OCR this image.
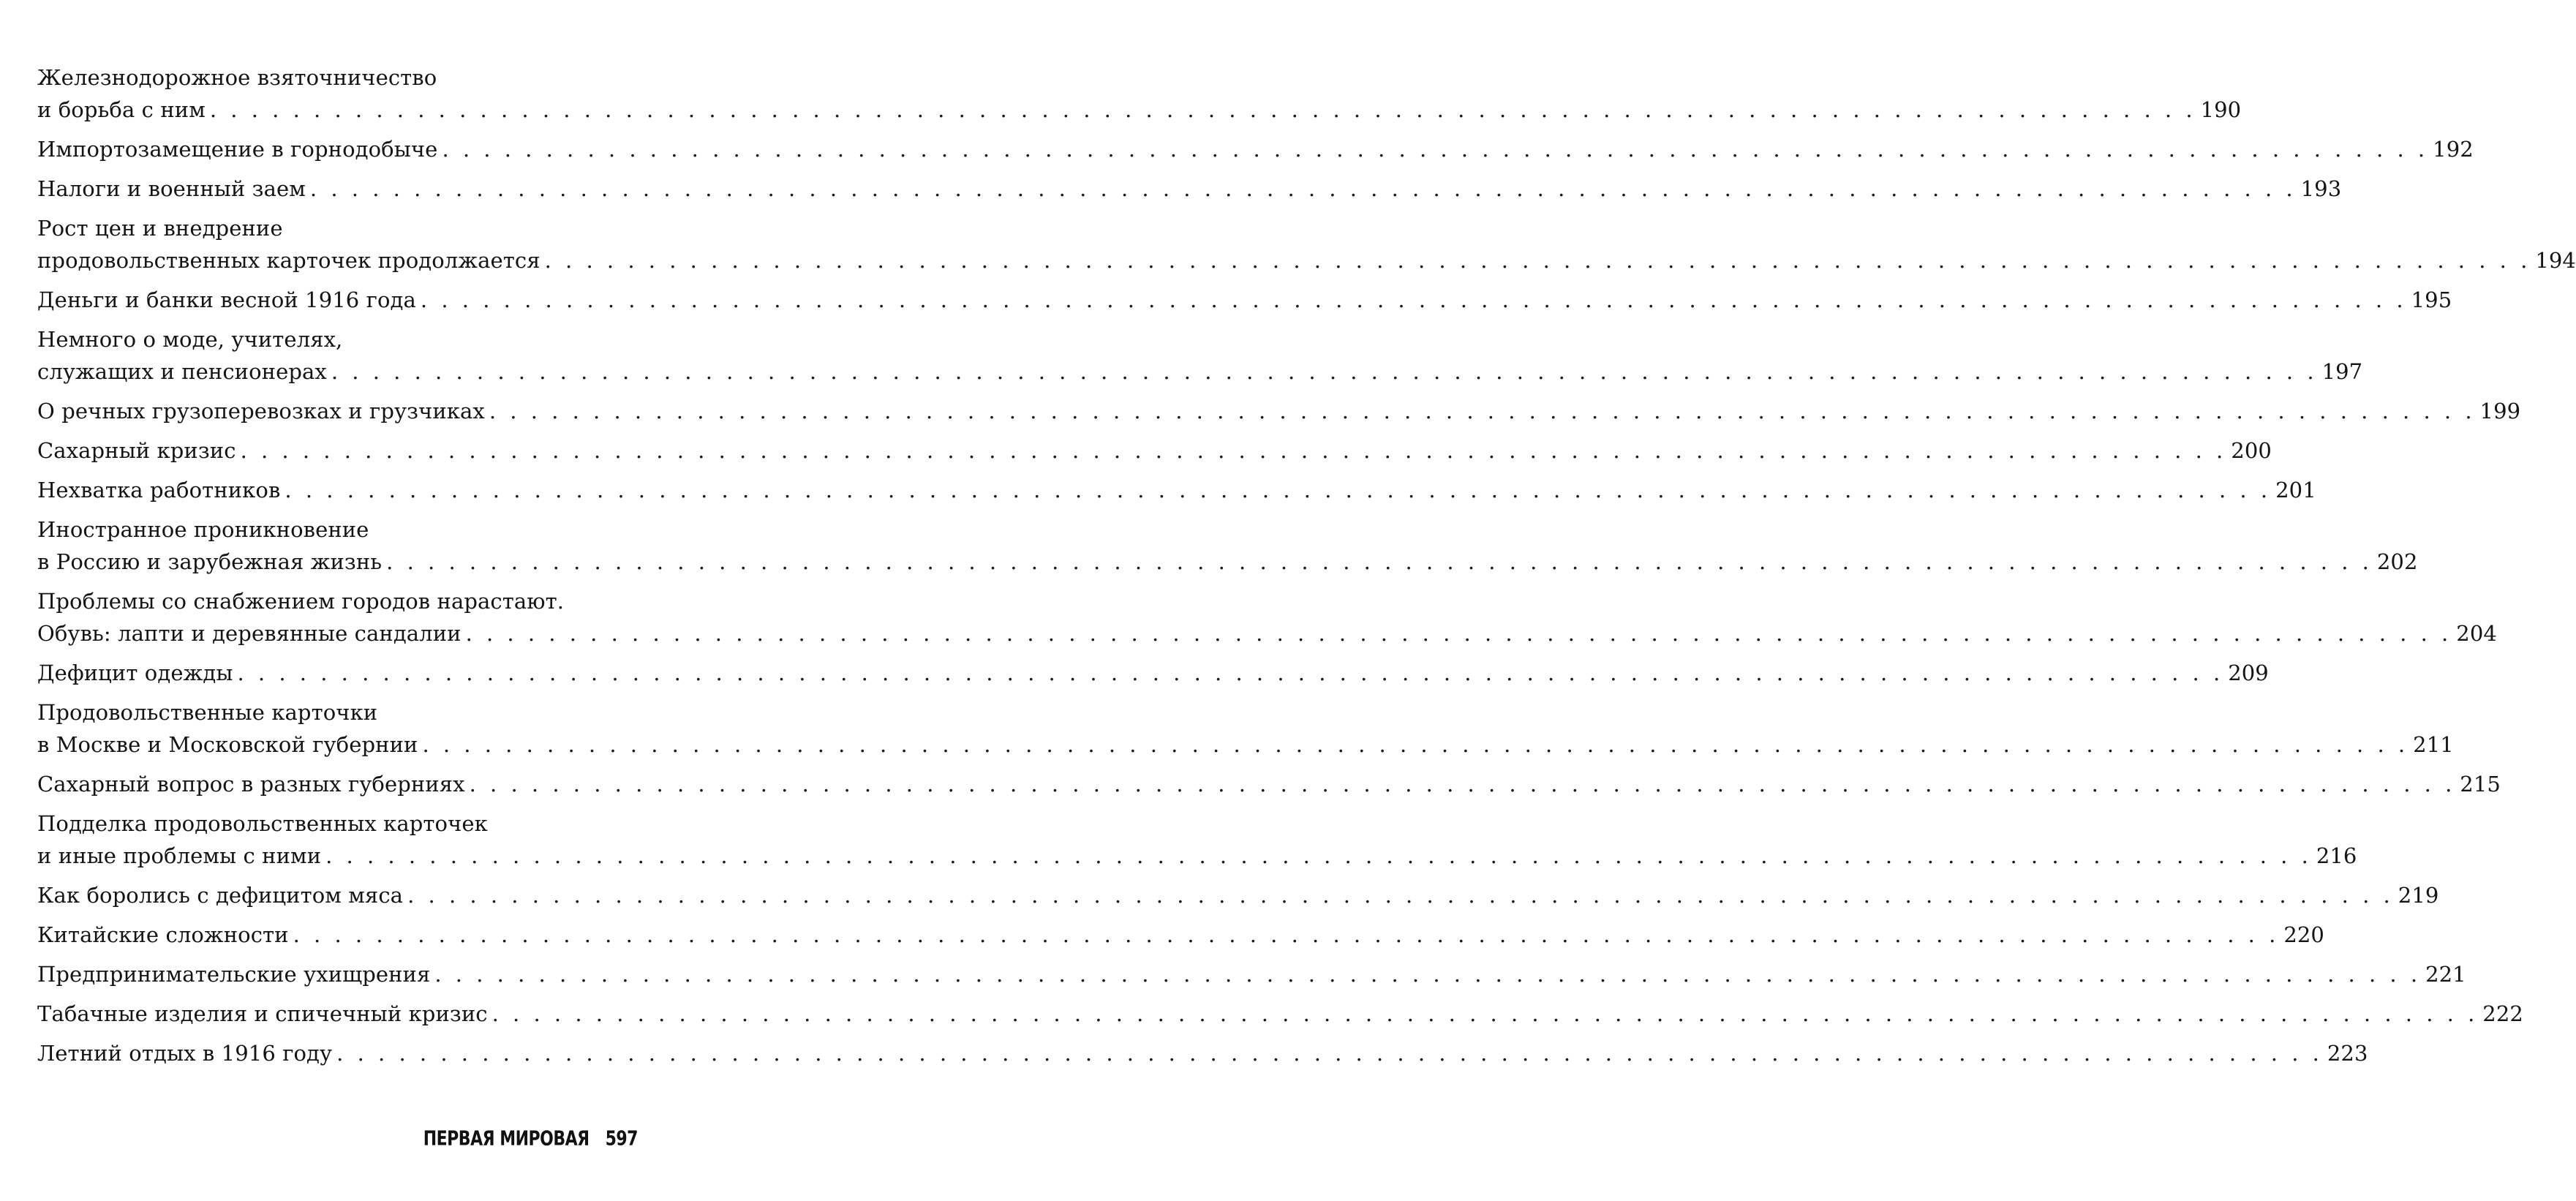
Железнодорожное взяточничество
и борьба с ним . . . . . . . . . . . . . . . . . . . . . . . . . . . . . . . . . . . . . . . . . . . . . . . . . . . . . . . . . . . . . . . . . . . . . . . . . . . . . . . . . . . . . . . . . . . . . . . . 190
Импортозамещение в горнодобыче . . . . . . . . . . . . . . . . . . . . . . . . . . . . . . . . . . . . . . . . . . . . . . . . . . . . . . . . . . . . . . . . . . . . . . . . . . . . . . . . . . . . . . . . . . . . . . . . 192
Налоги и военный заем . . . . . . . . . . . . . . . . . . . . . . . . . . . . . . . . . . . . . . . . . . . . . . . . . . . . . . . . . . . . . . . . . . . . . . . . . . . . . . . . . . . . . . . . . . . . . . . . 193
Рост цен и внедрение
продовольственных карточек продолжается . . . . . . . . . . . . . . . . . . . . . . . . . . . . . . . . . . . . . . . . . . . . . . . . . . . . . . . . . . . . . . . . . . . . . . . . . . . . . . . . . . . . . . . . . . . . . . . . 194
Деньги и банки весной 1916 года . . . . . . . . . . . . . . . . . . . . . . . . . . . . . . . . . . . . . . . . . . . . . . . . . . . . . . . . . . . . . . . . . . . . . . . . . . . . . . . . . . . . . . . . . . . . . . . . 195
Немного о моде, учителях,
служащих и пенсионерах . . . . . . . . . . . . . . . . . . . . . . . . . . . . . . . . . . . . . . . . . . . . . . . . . . . . . . . . . . . . . . . . . . . . . . . . . . . . . . . . . . . . . . . . . . . . . . . . 197
О речных грузоперевозках и грузчиках . . . . . . . . . . . . . . . . . . . . . . . . . . . . . . . . . . . . . . . . . . . . . . . . . . . . . . . . . . . . . . . . . . . . . . . . . . . . . . . . . . . . . . . . . . . . . . . . 199
Сахарный кризис . . . . . . . . . . . . . . . . . . . . . . . . . . . . . . . . . . . . . . . . . . . . . . . . . . . . . . . . . . . . . . . . . . . . . . . . . . . . . . . . . . . . . . . . . . . . . . . . 200
Нехватка работников . . . . . . . . . . . . . . . . . . . . . . . . . . . . . . . . . . . . . . . . . . . . . . . . . . . . . . . . . . . . . . . . . . . . . . . . . . . . . . . . . . . . . . . . . . . . . . . . 201
Иностранное проникновение
в Россию и зарубежная жизнь . . . . . . . . . . . . . . . . . . . . . . . . . . . . . . . . . . . . . . . . . . . . . . . . . . . . . . . . . . . . . . . . . . . . . . . . . . . . . . . . . . . . . . . . . . . . . . . . 202
Проблемы со снабжением городов нарастают.
Обувь: лапти и деревянные сандалии . . . . . . . . . . . . . . . . . . . . . . . . . . . . . . . . . . . . . . . . . . . . . . . . . . . . . . . . . . . . . . . . . . . . . . . . . . . . . . . . . . . . . . . . . . . . . . . . 204
Дефицит одежды . . . . . . . . . . . . . . . . . . . . . . . . . . . . . . . . . . . . . . . . . . . . . . . . . . . . . . . . . . . . . . . . . . . . . . . . . . . . . . . . . . . . . . . . . . . . . . . . 209
Продовольственные карточки
в Москве и Московской губернии . . . . . . . . . . . . . . . . . . . . . . . . . . . . . . . . . . . . . . . . . . . . . . . . . . . . . . . . . . . . . . . . . . . . . . . . . . . . . . . . . . . . . . . . . . . . . . . . 211
Сахарный вопрос в разных губерниях . . . . . . . . . . . . . . . . . . . . . . . . . . . . . . . . . . . . . . . . . . . . . . . . . . . . . . . . . . . . . . . . . . . . . . . . . . . . . . . . . . . . . . . . . . . . . . . . 215
Подделка продовольственных карточек
и иные проблемы с ними . . . . . . . . . . . . . . . . . . . . . . . . . . . . . . . . . . . . . . . . . . . . . . . . . . . . . . . . . . . . . . . . . . . . . . . . . . . . . . . . . . . . . . . . . . . . . . . . 216
Как боролись с дефицитом мяса . . . . . . . . . . . . . . . . . . . . . . . . . . . . . . . . . . . . . . . . . . . . . . . . . . . . . . . . . . . . . . . . . . . . . . . . . . . . . . . . . . . . . . . . . . . . . . . . 219
Китайские сложности . . . . . . . . . . . . . . . . . . . . . . . . . . . . . . . . . . . . . . . . . . . . . . . . . . . . . . . . . . . . . . . . . . . . . . . . . . . . . . . . . . . . . . . . . . . . . . . . 220
Предпринимательские ухищрения . . . . . . . . . . . . . . . . . . . . . . . . . . . . . . . . . . . . . . . . . . . . . . . . . . . . . . . . . . . . . . . . . . . . . . . . . . . . . . . . . . . . . . . . . . . . . . . . 221
Табачные изделия и спичечный кризис . . . . . . . . . . . . . . . . . . . . . . . . . . . . . . . . . . . . . . . . . . . . . . . . . . . . . . . . . . . . . . . . . . . . . . . . . . . . . . . . . . . . . . . . . . . . . . . . 222
Летний отдых в 1916 году . . . . . . . . . . . . . . . . . . . . . . . . . . . . . . . . . . . . . . . . . . . . . . . . . . . . . . . . . . . . . . . . . . . . . . . . . . . . . . . . . . . . . . . . . . . . . . . . 223
ПЕРВАЯ МИРОВАЯ 597
